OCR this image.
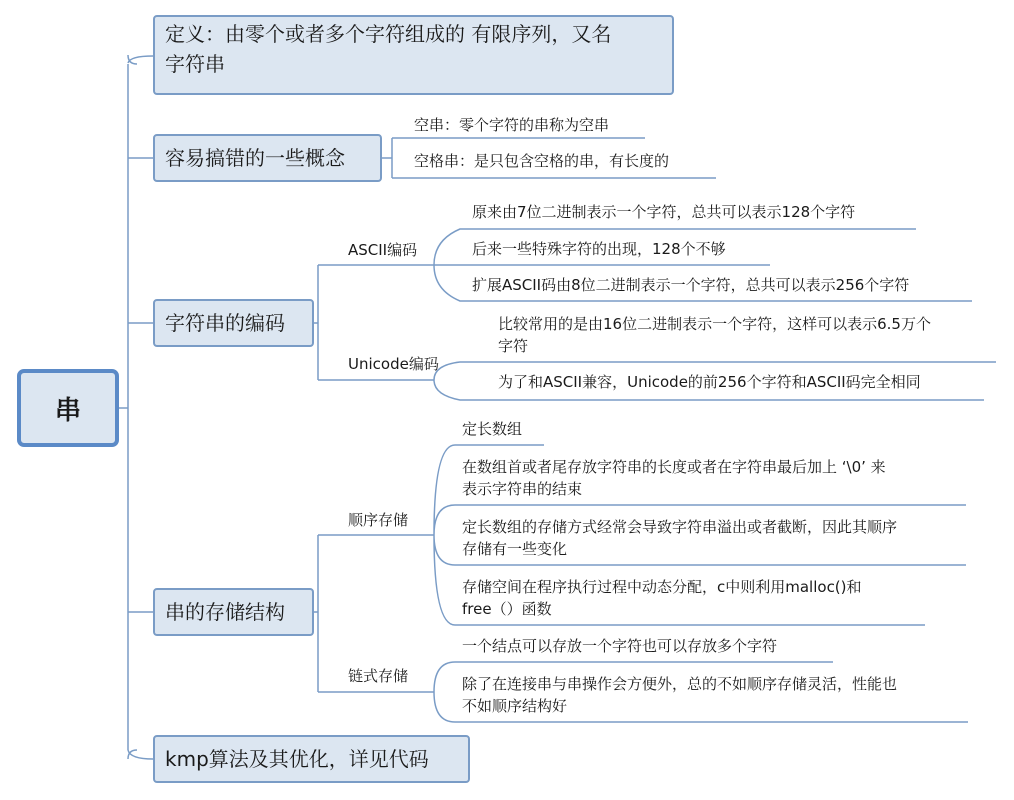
串
定义：由零个或者多个字符组成的 有限序列，又名
字符串
容易搞错的一些概念
空串：零个字符的串称为空串
空格串：是只包含空格的串，有长度的
字符串的编码
ASCII编码
原来由7位二进制表示一个字符，总共可以表示128个字符
后来一些特殊字符的出现，128个不够
扩展ASCII码由8位二进制表示一个字符，总共可以表示256个字符
Unicode编码
比较常用的是由16位二进制表示一个字符，这样可以表示6.5万个
字符
为了和ASCII兼容，Unicode的前256个字符和ASCII码完全相同
串的存储结构
顺序存储
定长数组
在数组首或者尾存放字符串的长度或者在字符串最后加上 ‘\0’ 来
表示字符串的结束
定长数组的存储方式经常会导致字符串溢出或者截断，因此其顺序
存储有一些变化
存储空间在程序执行过程中动态分配，c中则利用malloc()和
free（）函数
链式存储
一个结点可以存放一个字符也可以存放多个字符
除了在连接串与串操作会方便外，总的不如顺序存储灵活，性能也
不如顺序结构好
kmp算法及其优化，详见代码
